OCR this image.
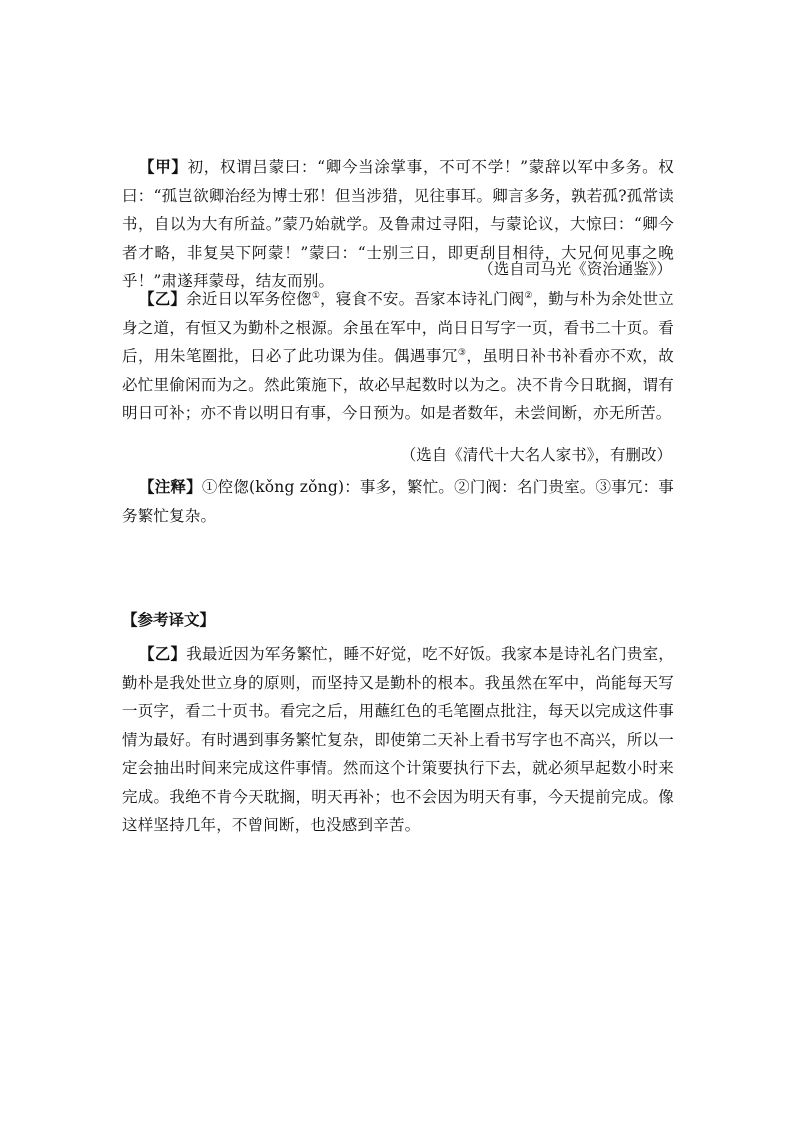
【甲】初，权谓吕蒙曰：“卿今当涂掌事，不可不学！”蒙辞以军中多务。权曰：“孤岂欲卿治经为博士邪！但当涉猎，见往事耳。卿言多务，孰若孤?孤常读书，自以为大有所益。”蒙乃始就学。及鲁肃过寻阳，与蒙论议，大惊曰：“卿今者才略，非复吴下阿蒙！”蒙曰：“士别三日，即更刮目相待，大兄何见事之晚乎！”肃遂拜蒙母，结友而别。
（选自司马光《资治通鉴》）
【乙】余近日以军务倥偬①，寝食不安。吾家本诗礼门阀②，勤与朴为余处世立身之道，有恒又为勤朴之根源。余虽在军中，尚日日写字一页，看书二十页。看后，用朱笔圈批，日必了此功课为佳。偶遇事冗③，虽明日补书补看亦不欢，故必忙里偷闲而为之。然此策施下，故必早起数时以为之。决不肯今日耽搁，谓有明日可补；亦不肯以明日有事，今日预为。如是者数年，未尝间断，亦无所苦。
（选自《清代十大名人家书》，有删改）
【注释】①倥偬(kǒng zǒng)：事多，繁忙。②门阀：名门贵室。③事冗：事务繁忙复杂。
【参考译文】
【乙】我最近因为军务繁忙，睡不好觉，吃不好饭。我家本是诗礼名门贵室，勤朴是我处世立身的原则，而坚持又是勤朴的根本。我虽然在军中，尚能每天写一页字，看二十页书。看完之后，用蘸红色的毛笔圈点批注，每天以完成这件事情为最好。有时遇到事务繁忙复杂，即使第二天补上看书写字也不高兴，所以一定会抽出时间来完成这件事情。然而这个计策要执行下去，就必须早起数小时来完成。我绝不肯今天耽搁，明天再补；也不会因为明天有事，今天提前完成。像这样坚持几年，不曾间断，也没感到辛苦。
